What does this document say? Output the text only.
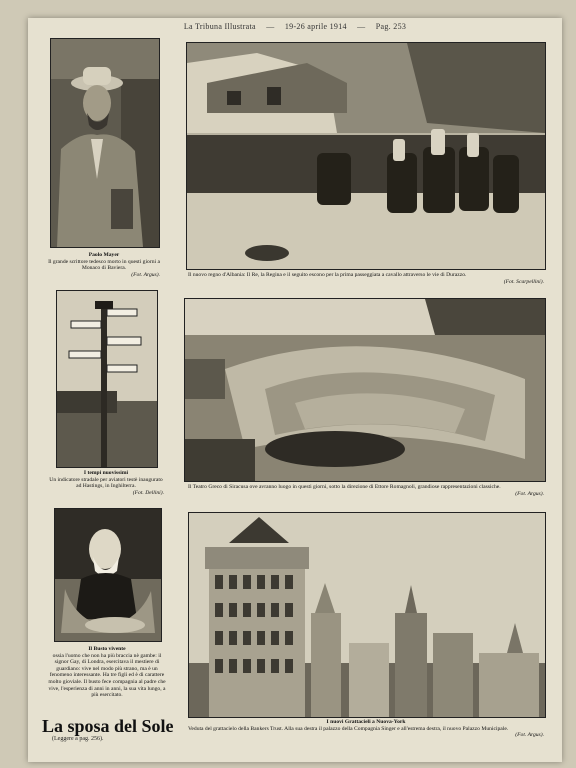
La Tribuna Illustrata — 19-26 aprile 1914 — Pag. 253
Paolo Mayer
Il grande scrittore tedesco morto in questi giorni a Monaco di Baviera.
(Fot. Argus).	Il nuovo regno d'Albania: Il Re, la Regina e il seguito escono per la prima passeggiata a cavallo attraverso le vie di Durazzo.
(Fot. Scarpellini).
I tempi nuovissimi
Un indicatore stradale per aviatori testè inaugurato ad Hastings, in Inghilterra.
(Fot. Dellini).
Il Teatro Greco di Siracusa ove avranno luogo in questi giorni, sotto la direzione di Ettore Romagnoli, grandiose rappresentazioni classiche.
(Fot. Argus).
Il Busto vivente
ossia l'uomo che non ha più braccia nè gambe: il signor Gay, di Londra, esercitava il mestiere di guardiano: vive nel modo più strano, ma è un fenomeno interessante. Ha tre figli ed è di carattere molto gioviale. Il busto fece compagnia al padre che vive, l'esperienza di anni in anni, la sua vita lungo, a più esercitato.
I nuovi Grattacieli a Nuova-York
Veduta del grattacielo della Bankers Trust. Alla sua destra il palazzo della Compagnia Singer e all'estrema destra, il nuovo Palazzo Municipale.
(Fot. Argus).
La sposa del Sole
(Leggere a pag. 256).
